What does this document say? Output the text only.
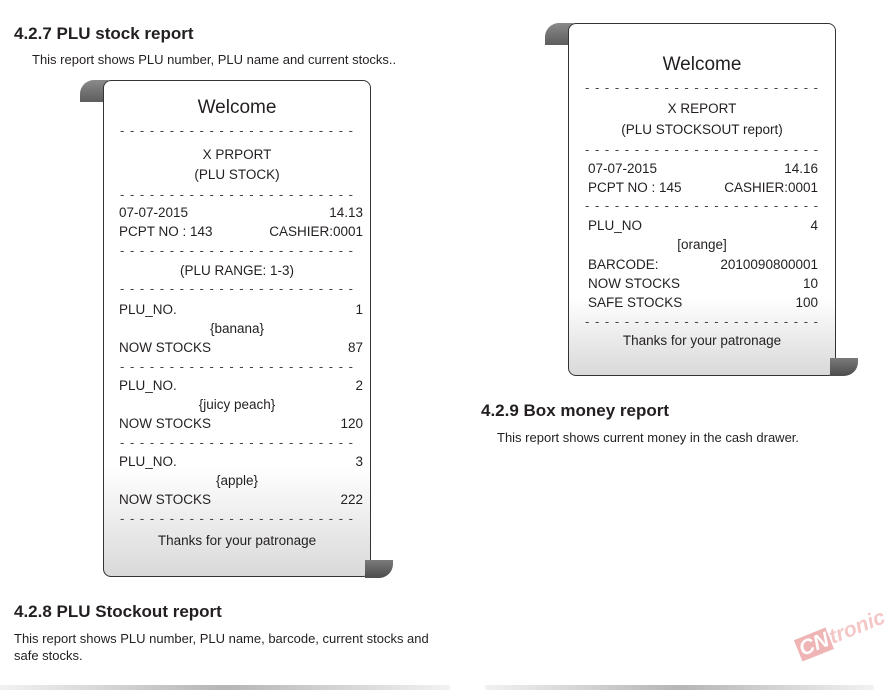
4.2.7 PLU stock report

This report shows PLU number, PLU name and current stocks..

Welcome
- - - - - - - - - - - - - - - - - - - - - - - -
X PRPORT
(PLU STOCK)
- - - - - - - - - - - - - - - - - - - - - - - -
07-07-2015	14.13
PCPT NO : 143	CASHIER:0001
- - - - - - - - - - - - - - - - - - - - - - - -
(PLU RANGE: 1-3)
- - - - - - - - - - - - - - - - - - - - - - - -
PLU_NO.	1
{banana}
NOW STOCKS	87
- - - - - - - - - - - - - - - - - - - - - - - -
PLU_NO.	2
{juicy peach}
NOW STOCKS	120
- - - - - - - - - - - - - - - - - - - - - - - -
PLU_NO.	3
{apple}
NOW STOCKS	222
- - - - - - - - - - - - - - - - - - - - - - - -
Thanks for your patronage
4.2.8 PLU Stockout report

This report shows PLU number, PLU name, barcode, current stocks and safe stocks.

Welcome
- - - - - - - - - - - - - - - - - - - - - - - -
X REPORT
(PLU STOCKSOUT report)
- - - - - - - - - - - - - - - - - - - - - - - -
07-07-2015	14.16
PCPT NO : 145	CASHIER:0001
- - - - - - - - - - - - - - - - - - - - - - - -
PLU_NO	4
[orange]
BARCODE:	2010090800001
NOW STOCKS	10
SAFE STOCKS	100
- - - - - - - - - - - - - - - - - - - - - - - -
Thanks for your patronage
4.2.9 Box money report

This report shows current money in the cash drawer.

CNtronic
